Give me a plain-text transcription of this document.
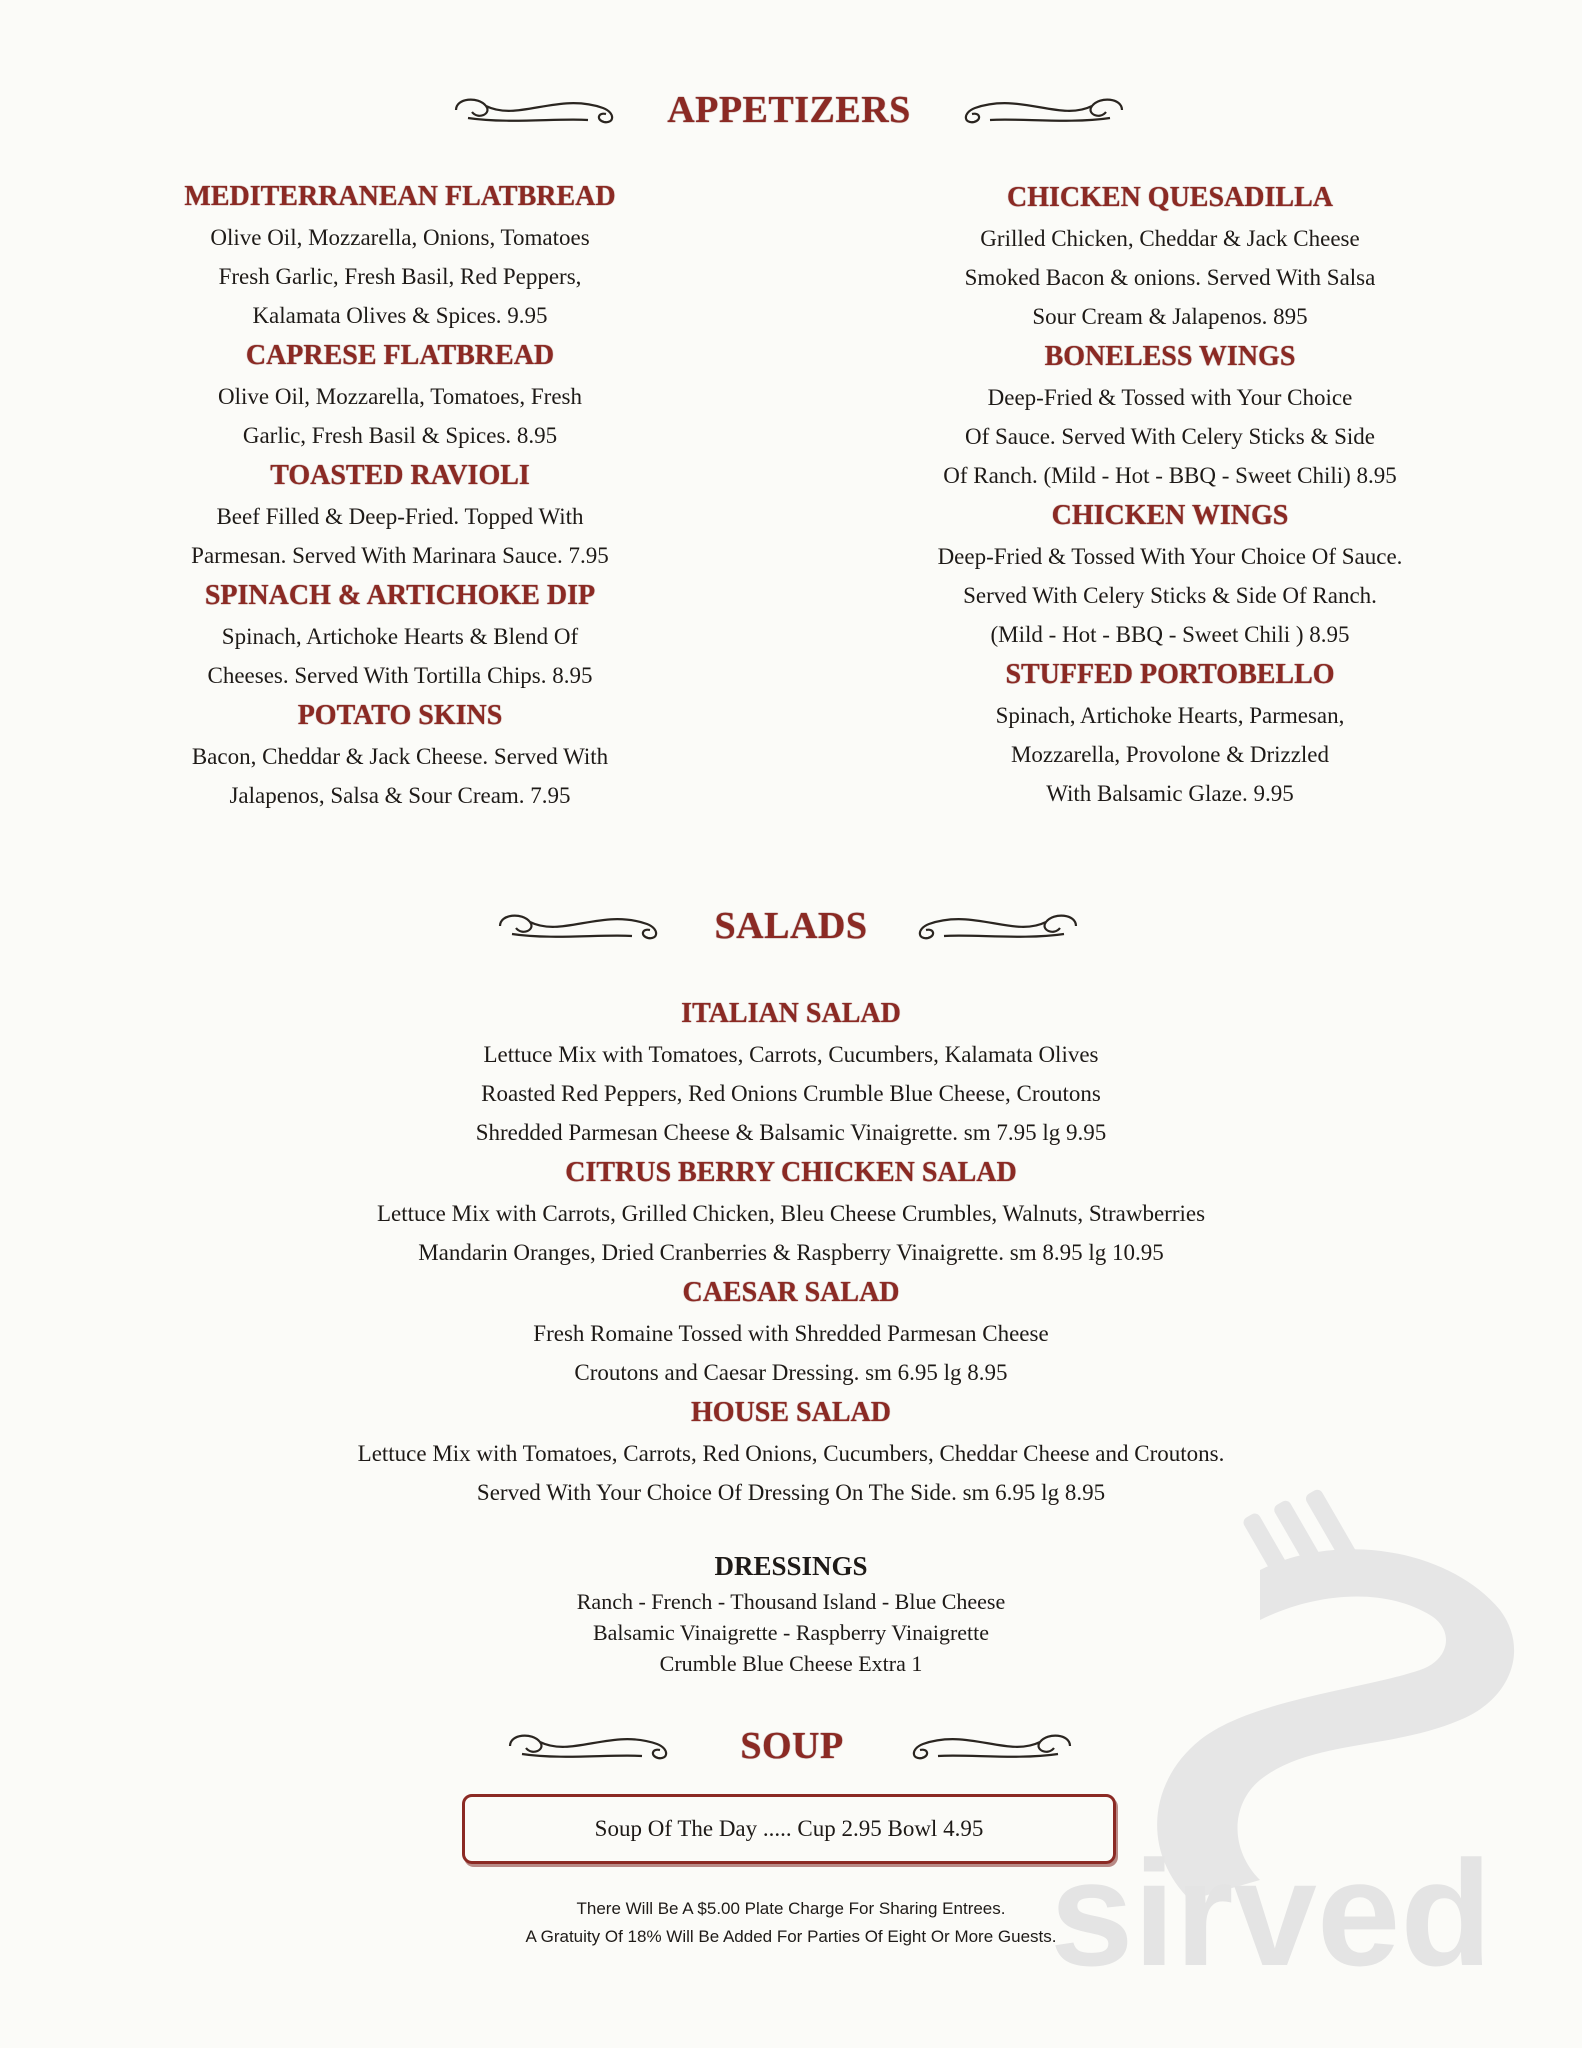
sirved
APPETIZERS
MEDITERRANEAN FLATBREAD
Olive Oil, Mozzarella, Onions, Tomatoes
Fresh Garlic, Fresh Basil, Red Peppers,
Kalamata Olives & Spices. 9.95
CAPRESE FLATBREAD
Olive Oil, Mozzarella, Tomatoes, Fresh
Garlic, Fresh Basil & Spices. 8.95
TOASTED RAVIOLI
Beef Filled & Deep-Fried. Topped With
Parmesan. Served With Marinara Sauce. 7.95
SPINACH & ARTICHOKE DIP
Spinach, Artichoke Hearts & Blend Of
Cheeses. Served With Tortilla Chips. 8.95
POTATO SKINS
Bacon, Cheddar & Jack Cheese. Served With
Jalapenos, Salsa & Sour Cream. 7.95
CHICKEN QUESADILLA
Grilled Chicken, Cheddar & Jack Cheese
Smoked Bacon & onions. Served With Salsa
Sour Cream & Jalapenos. 895
BONELESS WINGS
Deep-Fried & Tossed with Your Choice
Of Sauce. Served With Celery Sticks & Side
Of Ranch. (Mild - Hot - BBQ - Sweet Chili) 8.95
CHICKEN WINGS
Deep-Fried & Tossed With Your Choice Of Sauce.
Served With Celery Sticks & Side Of Ranch.
(Mild - Hot - BBQ - Sweet Chili ) 8.95
STUFFED PORTOBELLO
Spinach, Artichoke Hearts, Parmesan,
Mozzarella, Provolone & Drizzled
With Balsamic Glaze. 9.95
SALADS
ITALIAN SALAD
Lettuce Mix with Tomatoes, Carrots, Cucumbers, Kalamata Olives
Roasted Red Peppers, Red Onions Crumble Blue Cheese, Croutons
Shredded Parmesan Cheese & Balsamic Vinaigrette. sm 7.95 lg 9.95
CITRUS BERRY CHICKEN SALAD
Lettuce Mix with Carrots, Grilled Chicken, Bleu Cheese Crumbles, Walnuts, Strawberries
Mandarin Oranges, Dried Cranberries & Raspberry Vinaigrette. sm 8.95 lg 10.95
CAESAR SALAD
Fresh Romaine Tossed with Shredded Parmesan Cheese
Croutons and Caesar Dressing. sm 6.95 lg 8.95
HOUSE SALAD
Lettuce Mix with Tomatoes, Carrots, Red Onions, Cucumbers, Cheddar Cheese and Croutons.
Served With Your Choice Of Dressing On The Side. sm 6.95 lg 8.95
DRESSINGS
Ranch - French - Thousand Island - Blue Cheese
Balsamic Vinaigrette - Raspberry Vinaigrette
Crumble Blue Cheese Extra 1
SOUP
Soup Of The Day ..... Cup 2.95 Bowl 4.95
There Will Be A $5.00 Plate Charge For Sharing Entrees.
A Gratuity Of 18% Will Be Added For Parties Of Eight Or More Guests.
